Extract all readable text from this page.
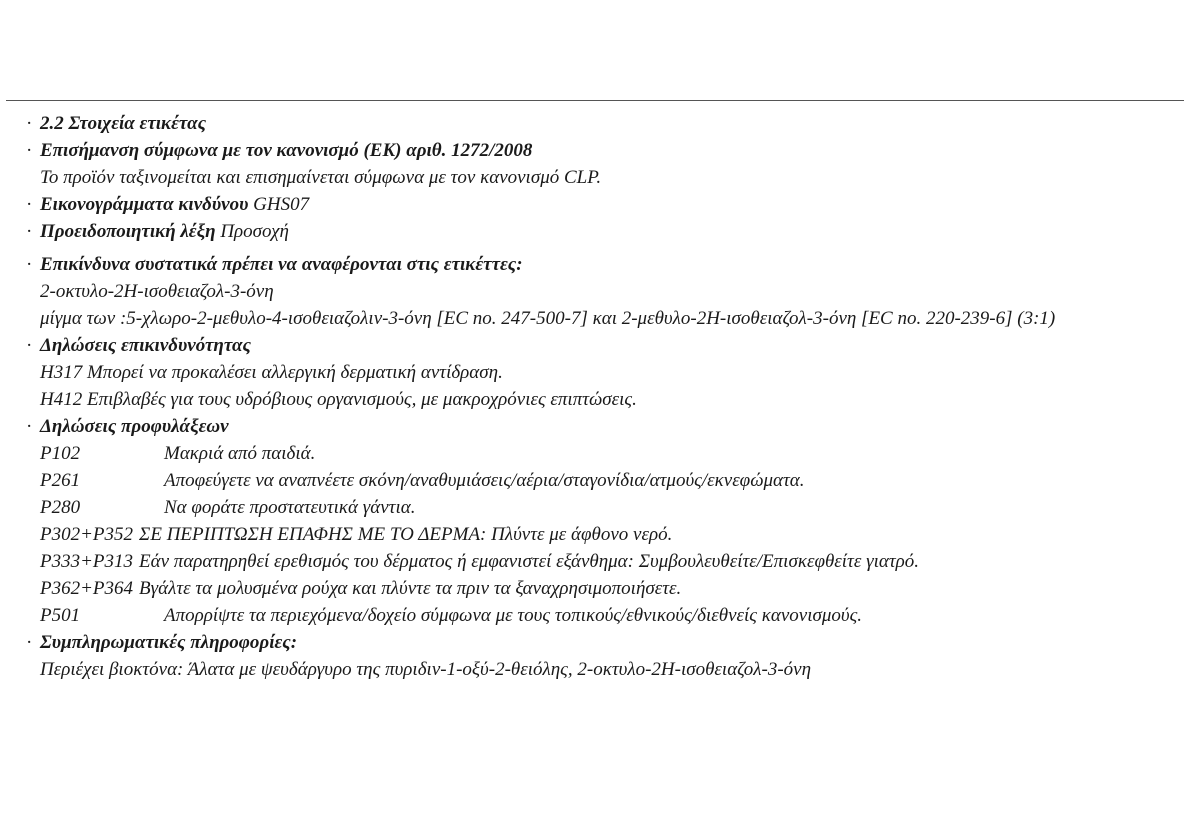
· 2.2 Στοιχεία ετικέτας
· Επισήμανση σύμφωνα με τον κανονισμό (ΕΚ) αριθ. 1272/2008
Το προϊόν ταξινομείται και επισημαίνεται σύμφωνα με τον κανονισμό CLP.
· Εικονογράμματα κινδύνου
GHS07
· Προειδοποιητική λέξη
Προσοχή
· Επικίνδυνα συστατικά πρέπει να αναφέρονται στις ετικέττες:
2-οκτυλο-2Η-ισοθειαζολ-3-όνη
μίγμα των :5-χλωρο-2-μεθυλο-4-ισοθειαζολιν-3-όνη [EC no. 247-500-7] και 2-μεθυλο-2Η-ισοθειαζολ-3-όνη [EC no. 220-239-6] (3:1)
· Δηλώσεις επικινδυνότητας
H317 Μπορεί να προκαλέσει αλλεργική δερματική αντίδραση.
H412 Επιβλαβές για τους υδρόβιους οργανισμούς, με μακροχρόνιες επιπτώσεις.
· Δηλώσεις προφυλάξεων
P102	Μακριά από παιδιά.
P261	Αποφεύγετε να αναπνέετε σκόνη/αναθυμιάσεις/αέρια/σταγονίδια/ατμούς/εκνεφώματα.
P280	Να φοράτε προστατευτικά γάντια.
P302+P352 ΣΕ ΠΕΡΙΠΤΩΣΗ ΕΠΑΦΗΣ ΜΕ ΤΟ ΔΕΡΜΑ: Πλύντε με άφθονο νερό.
P333+P313 Εάν παρατηρηθεί ερεθισμός του δέρματος ή εμφανιστεί εξάνθημα: Συμβουλευθείτε/Επισκεφθείτε γιατρό.
P362+P364 Βγάλτε τα μολυσμένα ρούχα και πλύντε τα πριν τα ξαναχρησιμοποιήσετε.
P501	Απορρίψτε τα περιεχόμενα/δοχείο σύμφωνα με τους τοπικούς/εθνικούς/διεθνείς κανονισμούς.
· Συμπληρωματικές πληροφορίες:
Περιέχει βιοκτόνα: Άλατα με ψευδάργυρο της πυριδιν-1-οξύ-2-θειόλης, 2-οκτυλο-2Η-ισοθειαζολ-3-όνη
